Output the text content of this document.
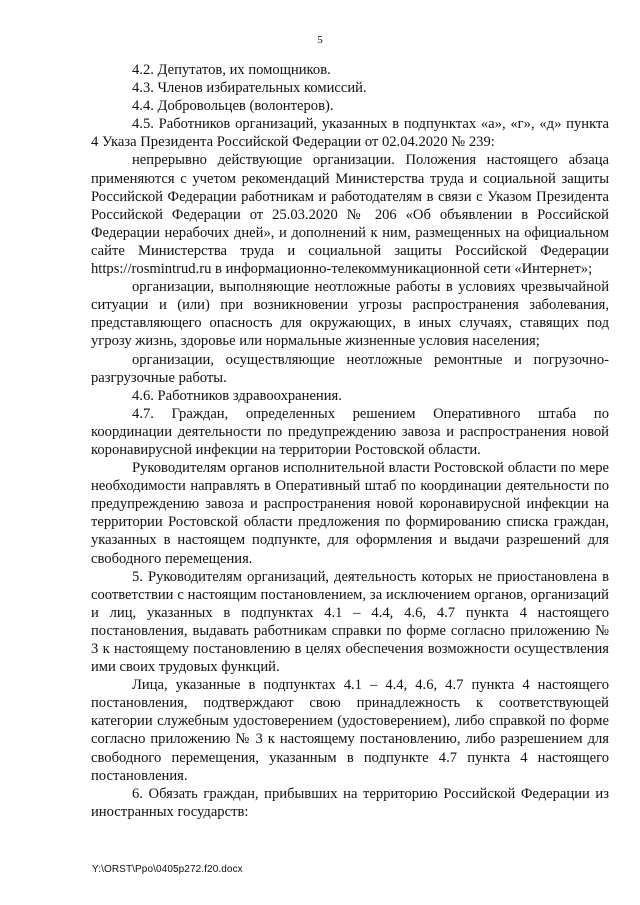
5

4.2. Депутатов, их помощников.

4.3. Членов избирательных комиссий.

4.4. Добровольцев (волонтеров).

4.5. Работников организаций, указанных в подпунктах «а», «г», «д» пункта 4 Указа Президента Российской Федерации от 02.04.2020 № 239:

непрерывно действующие организации. Положения настоящего абзаца применяются с учетом рекомендаций Министерства труда и социальной защиты Российской Федерации работникам и работодателям в связи с Указом Президента Российской Федерации от 25.03.2020 № 206 «Об объявлении в Российской Федерации нерабочих дней», и дополнений к ним, размещенных на официальном сайте Министерства труда и социальной защиты Российской Федерации https://rosmintrud.ru в информационно-телекоммуникационной сети «Интернет»;

организации, выполняющие неотложные работы в условиях чрезвычайной ситуации и (или) при возникновении угрозы распространения заболевания, представляющего опасность для окружающих, в иных случаях, ставящих под угрозу жизнь, здоровье или нормальные жизненные условия населения;

организации, осуществляющие неотложные ремонтные и погрузочно-разгрузочные работы.

4.6. Работников здравоохранения.

4.7. Граждан, определенных решением Оперативного штаба по координации деятельности по предупреждению завоза и распространения новой коронавирусной инфекции на территории Ростовской области.

Руководителям органов исполнительной власти Ростовской области по мере необходимости направлять в Оперативный штаб по координации деятельности по предупреждению завоза и распространения новой коронавирусной инфекции на территории Ростовской области предложения по формированию списка граждан, указанных в настоящем подпункте, для оформления и выдачи разрешений для свободного перемещения.

5. Руководителям организаций, деятельность которых не приостановлена в соответствии с настоящим постановлением, за исключением органов, организаций и лиц, указанных в подпунктах 4.1 – 4.4, 4.6, 4.7 пункта 4 настоящего постановления, выдавать работникам справки по форме согласно приложению № 3 к настоящему постановлению в целях обеспечения возможности осуществления ими своих трудовых функций.

Лица, указанные в подпунктах 4.1 – 4.4, 4.6, 4.7 пункта 4 настоящего постановления, подтверждают свою принадлежность к соответствующей категории служебным удостоверением (удостоверением), либо справкой по форме согласно приложению № 3 к настоящему постановлению, либо разрешением для свободного перемещения, указанным в подпункте 4.7 пункта 4 настоящего постановления.

6. Обязать граждан, прибывших на территорию Российской Федерации из иностранных государств:

Y:\ORST\Ppo\0405p272.f20.docx
